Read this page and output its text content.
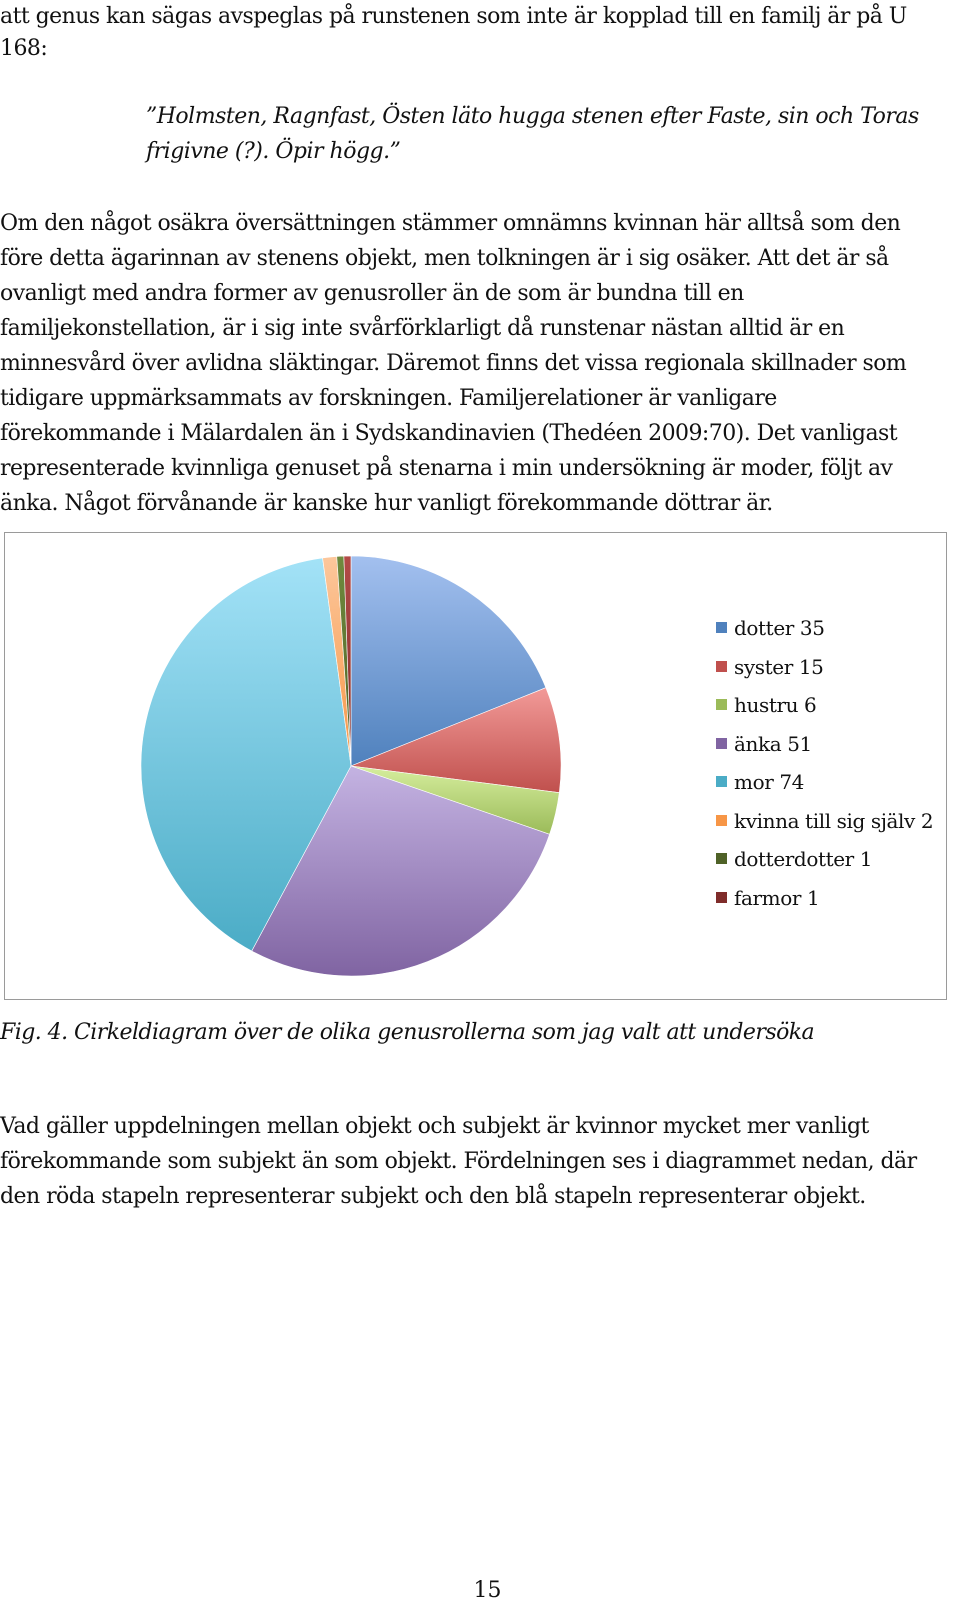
att genus kan sägas avspeglas på runstenen som inte är kopplad till en familj är på U
168:
”Holmsten, Ragnfast, Östen läto hugga stenen efter Faste, sin och Toras
frigivne (?). Öpir högg.”
Om den något osäkra översättningen stämmer omnämns kvinnan här alltså som den
före detta ägarinnan av stenens objekt, men tolkningen är i sig osäker. Att det är så
ovanligt med andra former av genusroller än de som är bundna till en
familjekonstellation, är i sig inte svårförklarligt då runstenar nästan alltid är en
minnesvård över avlidna släktingar. Däremot finns det vissa regionala skillnader som
tidigare uppmärksammats av forskningen. Familjerelationer är vanligare
förekommande i Mälardalen än i Sydskandinavien (Thedéen 2009:70). Det vanligast
representerade kvinnliga genuset på stenarna i min undersökning är moder, följt av
änka. Något förvånande är kanske hur vanligt förekommande döttrar är.
dotter 35
syster 15
hustru 6
änka 51
mor 74
kvinna till sig själv 2
dotterdotter 1
farmor 1
Fig. 4. Cirkeldiagram över de olika genusrollerna som jag valt att undersöka
Vad gäller uppdelningen mellan objekt och subjekt är kvinnor mycket mer vanligt
förekommande som subjekt än som objekt. Fördelningen ses i diagrammet nedan, där
den röda stapeln representerar subjekt och den blå stapeln representerar objekt.
15
